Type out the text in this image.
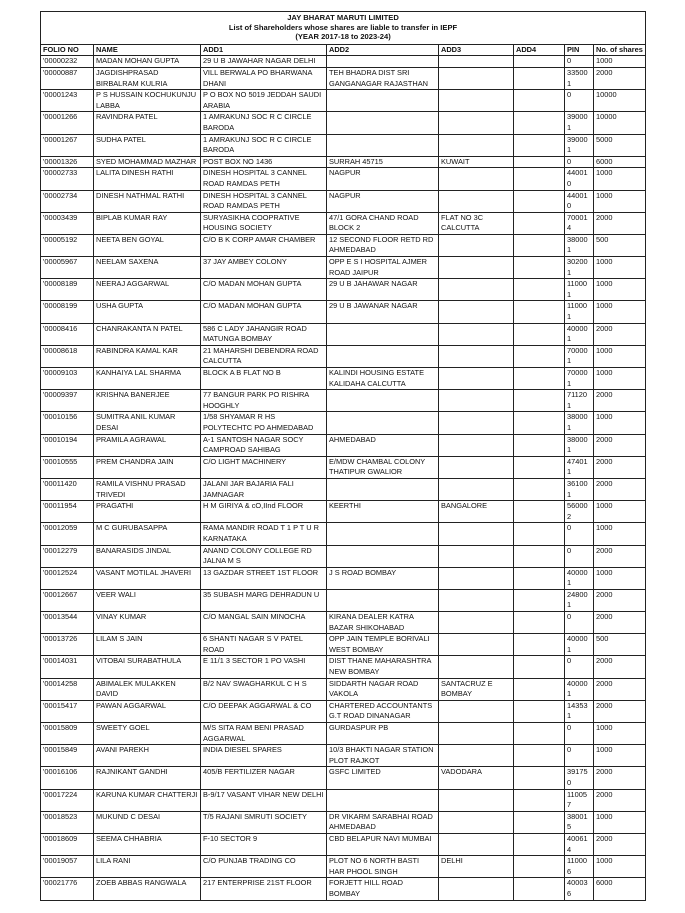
JAY BHARAT MARUTI LIMITED
List of Shareholders whose shares are liable to transfer in IEPF
(YEAR 2017-18 to 2023-24)							

FOLIO NO	NAME	ADD1	ADD2	ADD3	ADD4	PIN	No. of shares
'00000232	MADAN MOHAN GUPTA	29 U B JAWAHAR NAGAR DELHI				0	1000
'00000887	JAGDISHPRASAD BIRBALRAM KULRIA	VILL BERWALA PO BHARWANA DHANI	TEH BHADRA DIST SRI GANGANAGAR RAJASTHAN			335001	2000
'00001243	P S HUSSAIN KOCHUKUNJU LABBA	P O BOX NO 5019 JEDDAH SAUDI ARABIA				0	10000
'00001266	RAVINDRA PATEL	1 AMRAKUNJ SOC R C CIRCLE BARODA				390001	10000
'00001267	SUDHA PATEL	1 AMRAKUNJ SOC R C CIRCLE BARODA				390001	5000
'00001326	SYED MOHAMMAD MAZHAR	POST BOX NO 1436	SURRAH 45715	KUWAIT		0	6000
'00002733	LALITA DINESH RATHI	DINESH HOSPITAL 3 CANNEL ROAD RAMDAS PETH	NAGPUR			440010	1000
'00002734	DINESH NATHMAL RATHI	DINESH HOSPITAL 3 CANNEL ROAD RAMDAS PETH	NAGPUR			440010	1000
'00003439	BIPLAB KUMAR RAY	SURYASIKHA COOPRATIVE HOUSING SOCIETY	47/1 GORA CHAND ROAD BLOCK 2	FLAT NO 3C CALCUTTA		700014	2000
'00005192	NEETA BEN GOYAL	C/O B K CORP AMAR CHAMBER	12 SECOND FLOOR RETD RD AHMEDABAD			380001	500
'00005967	NEELAM SAXENA	37 JAY AMBEY COLONY	OPP E S I HOSPITAL AJMER ROAD JAIPUR			302001	1000
'00008189	NEERAJ AGGARWAL	C/O MADAN MOHAN GUPTA	29 U B JAHAWAR NAGAR			110001	1000
'00008199	USHA GUPTA	C/O MADAN MOHAN GUPTA	29 U B JAWANAR NAGAR			110001	1000
'00008416	CHANRAKANTA N PATEL	586 C LADY JAHANGIR ROAD MATUNGA BOMBAY				400001	2000
'00008618	RABINDRA KAMAL KAR	21 MAHARSHI DEBENDRA ROAD CALCUTTA				700001	1000
'00009103	KANHAIYA LAL SHARMA	BLOCK A B FLAT NO B	KALINDI HOUSING ESTATE KALIDAHA CALCUTTA			700001	1000
'00009397	KRISHNA BANERJEE	77 BANGUR PARK PO RISHRA HOOGHLY				711201	2000
'00010156	SUMITRA ANIL KUMAR DESAI	1/58 SHYAMAR R HS POLYTECHTC PO AHMEDABAD				380001	1000
'00010194	PRAMILA AGRAWAL	A-1 SANTOSH NAGAR SOCY CAMPROAD SAHIBAG	AHMEDABAD			380001	2000
'00010555	PREM CHANDRA JAIN	C/O LIGHT MACHINERY	E/MDW CHAMBAL COLONY THATIPUR GWALIOR			474011	2000
'00011420	RAMILA VISHNU PRASAD TRIVEDI	JALANI JAR BAJARIA FALI JAMNAGAR				361001	2000
'00011954	PRAGATHI	H M GIRIYA & cO,IInd FLOOR	KEERTHI	BANGALORE		560002	1000
'00012059	M C GURUBASAPPA	RAMA MANDIR ROAD T 1 P T U R KARNATAKA				0	1000
'00012279	BANARASIDS JINDAL	ANAND COLONY COLLEGE RD JALNA M S				0	2000
'00012524	VASANT MOTILAL JHAVERI	13 GAZDAR STREET 1ST FLOOR	J S ROAD BOMBAY			400001	1000
'00012667	VEER WALI	35 SUBASH MARG DEHRADUN U				248001	2000
'00013544	VINAY KUMAR	C/O MANGAL SAIN MINOCHA	KIRANA DEALER KATRA BAZAR SHIKOHABAD			0	2000
'00013726	LILAM S JAIN	6 SHANTI NAGAR S V PATEL ROAD	OPP JAIN TEMPLE BORIVALI WEST BOMBAY			400001	500
'00014031	VITOBAI SURABATHULA	E 11/1 3 SECTOR 1 PO VASHI	DIST THANE MAHARASHTRA NEW BOMBAY			0	2000
'00014258	ABIMALEK MULAKKEN DAVID	B/2 NAV SWAGHARKUL C H S	SIDDARTH NAGAR ROAD VAKOLA	SANTACRUZ E BOMBAY		400001	2000
'00015417	PAWAN AGGARWAL	C/O DEEPAK AGGARWAL & CO	CHARTERED ACCOUNTANTS G.T ROAD DINANAGAR			143531	2000
'00015809	SWEETY GOEL	M/S SITA RAM BENI PRASAD AGGARWAL	GURDASPUR PB			0	1000
'00015849	AVANI PAREKH	INDIA DIESEL SPARES	10/3 BHAKTI NAGAR STATION PLOT RAJKOT			0	1000
'00016106	RAJNIKANT GANDHI	405/B FERTILIZER NAGAR	GSFC LIMITED	VADODARA		391750	2000
'00017224	KARUNA KUMAR CHATTERJI	B-9/17 VASANT VIHAR NEW DELHI				110057	2000
'00018523	MUKUND C DESAI	T/5 RAJANI SMRUTI SOCIETY	DR VIKARM SARABHAI ROAD AHMEDABAD			380015	1000
'00018609	SEEMA CHHABRIA	F-10 SECTOR 9	CBD BELAPUR NAVI MUMBAI			400614	2000
'00019057	LILA RANI	C/O PUNJAB TRADING CO	PLOT NO 6 NORTH BASTI HAR PHOOL SINGH	DELHI		110006	1000
'00021776	ZOEB ABBAS RANGWALA	217 ENTERPRISE 21ST FLOOR	FORJETT HILL ROAD BOMBAY			400036	6000
